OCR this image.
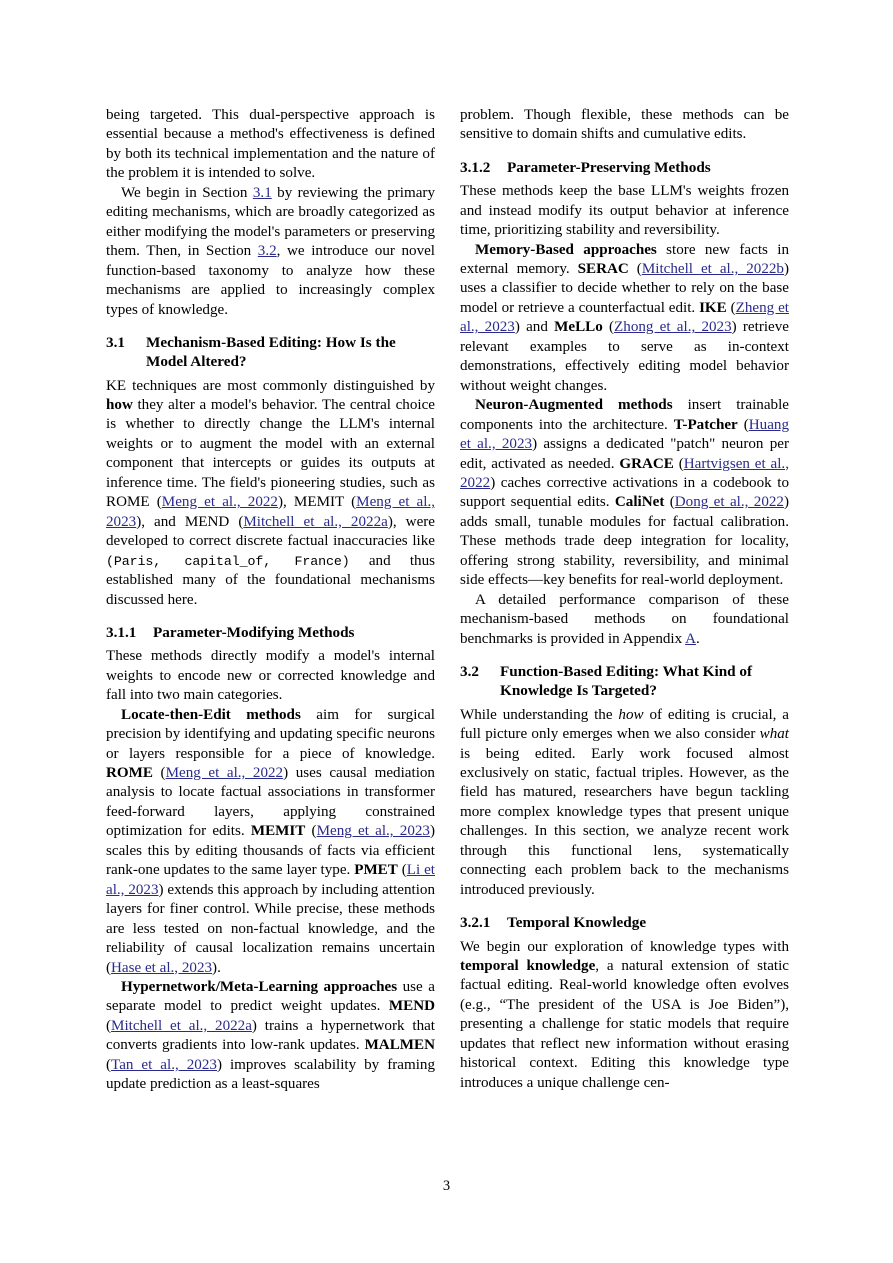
being targeted. This dual-perspective approach is essential because a method's effectiveness is defined by both its technical implementation and the nature of the problem it is intended to solve.

We begin in Section 3.1 by reviewing the primary editing mechanisms, which are broadly categorized as either modifying the model's parameters or preserving them. Then, in Section 3.2, we introduce our novel function-based taxonomy to analyze how these mechanisms are applied to increasingly complex types of knowledge.

3.1	Mechanism-Based Editing: How Is the Model Altered?

KE techniques are most commonly distinguished by how they alter a model's behavior. The central choice is whether to directly change the LLM's internal weights or to augment the model with an external component that intercepts or guides its outputs at inference time. The field's pioneering studies, such as ROME (Meng et al., 2022), MEMIT (Meng et al., 2023), and MEND (Mitchell et al., 2022a), were developed to correct discrete factual inaccuracies like (Paris, capital_of, France) and thus established many of the foundational mechanisms discussed here.

3.1.1	Parameter-Modifying Methods

These methods directly modify a model's internal weights to encode new or corrected knowledge and fall into two main categories.

Locate-then-Edit methods aim for surgical precision by identifying and updating specific neurons or layers responsible for a piece of knowledge. ROME (Meng et al., 2022) uses causal mediation analysis to locate factual associations in transformer feed-forward layers, applying constrained optimization for edits. MEMIT (Meng et al., 2023) scales this by editing thousands of facts via efficient rank-one updates to the same layer type. PMET (Li et al., 2023) extends this approach by including attention layers for finer control. While precise, these methods are less tested on non-factual knowledge, and the reliability of causal localization remains uncertain (Hase et al., 2023).

Hypernetwork/Meta-Learning approaches use a separate model to predict weight updates. MEND (Mitchell et al., 2022a) trains a hypernetwork that converts gradients into low-rank updates. MALMEN (Tan et al., 2023) improves scalability by framing update prediction as a least-squares

problem. Though flexible, these methods can be sensitive to domain shifts and cumulative edits.

3.1.2	Parameter-Preserving Methods

These methods keep the base LLM's weights frozen and instead modify its output behavior at inference time, prioritizing stability and reversibility.

Memory-Based approaches store new facts in external memory. SERAC (Mitchell et al., 2022b) uses a classifier to decide whether to rely on the base model or retrieve a counterfactual edit. IKE (Zheng et al., 2023) and MeLLo (Zhong et al., 2023) retrieve relevant examples to serve as in-context demonstrations, effectively editing model behavior without weight changes.

Neuron-Augmented methods insert trainable components into the architecture. T-Patcher (Huang et al., 2023) assigns a dedicated "patch" neuron per edit, activated as needed. GRACE (Hartvigsen et al., 2022) caches corrective activations in a codebook to support sequential edits. CaliNet (Dong et al., 2022) adds small, tunable modules for factual calibration. These methods trade deep integration for locality, offering strong stability, reversibility, and minimal side effects—key benefits for real-world deployment.

A detailed performance comparison of these mechanism-based methods on foundational benchmarks is provided in Appendix A.

3.2	Function-Based Editing: What Kind of Knowledge Is Targeted?

While understanding the how of editing is crucial, a full picture only emerges when we also consider what is being edited. Early work focused almost exclusively on static, factual triples. However, as the field has matured, researchers have begun tackling more complex knowledge types that present unique challenges. In this section, we analyze recent work through this functional lens, systematically connecting each problem back to the mechanisms introduced previously.

3.2.1	Temporal Knowledge

We begin our exploration of knowledge types with temporal knowledge, a natural extension of static factual editing. Real-world knowledge often evolves (e.g., “The president of the USA is Joe Biden”), presenting a challenge for static models that require updates that reflect new information without erasing historical context. Editing this knowledge type introduces a unique challenge cen-

3
